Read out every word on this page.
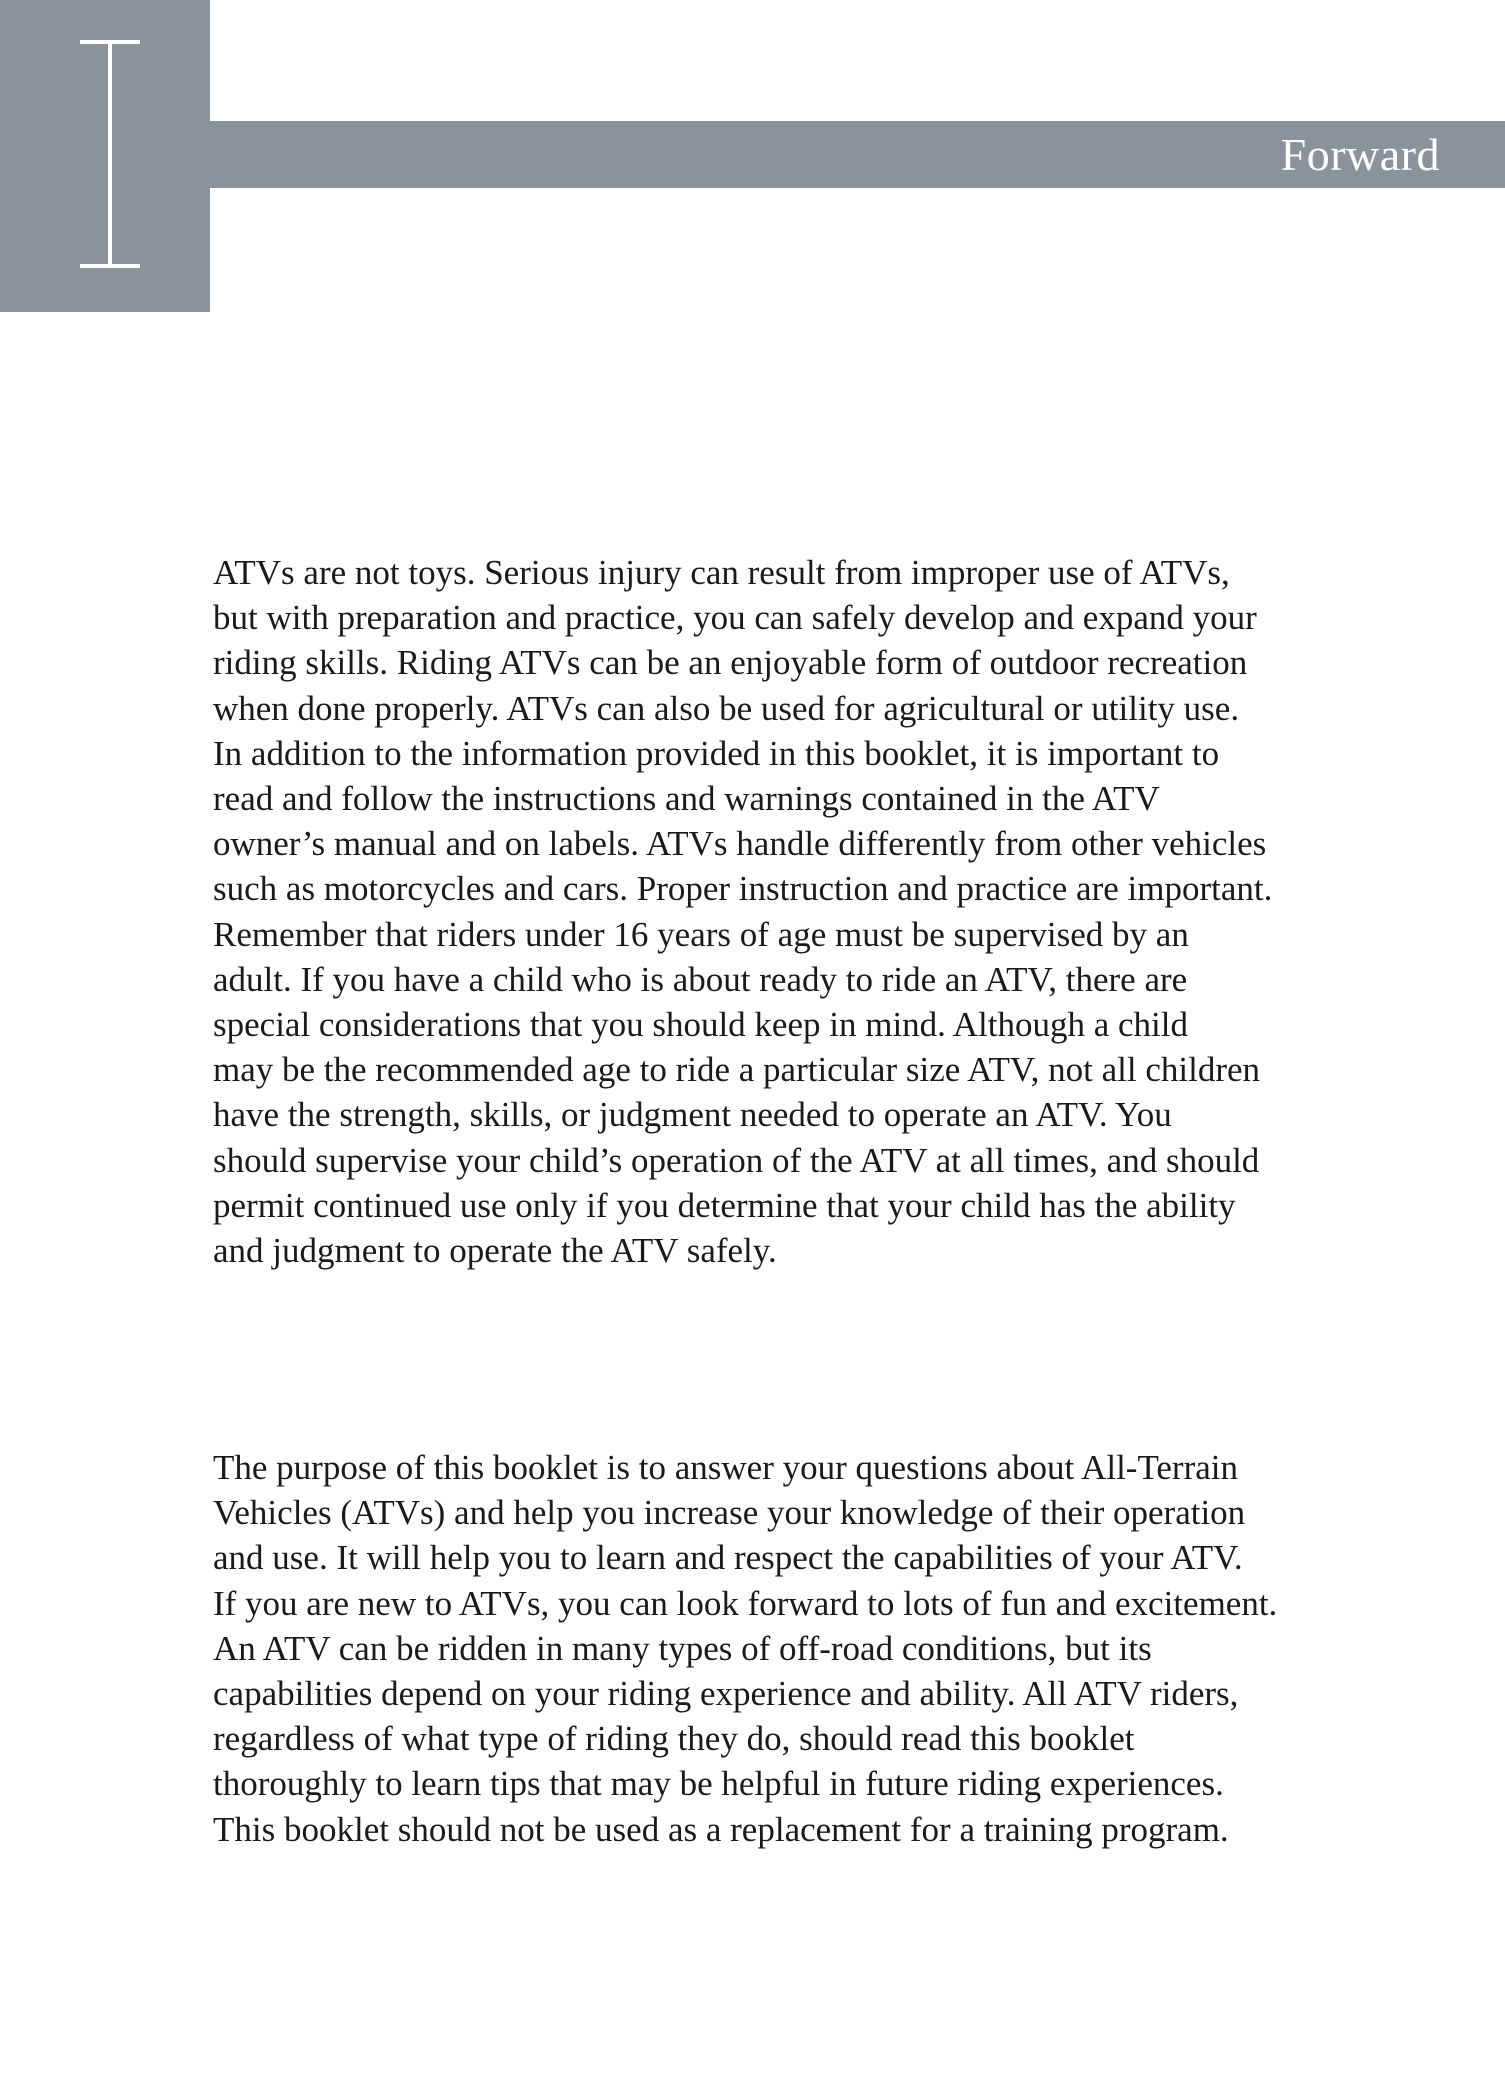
Forward

ATVs are not toys. Serious injury can result from improper use of ATVs,
but with preparation and practice, you can safely develop and expand your
riding skills. Riding ATVs can be an enjoyable form of outdoor recreation
when done properly. ATVs can also be used for agricultural or utility use.
In addition to the information provided in this booklet, it is important to
read and follow the instructions and warnings contained in the ATV
owner’s manual and on labels. ATVs handle differently from other vehicles
such as motorcycles and cars. Proper instruction and practice are important.
Remember that riders under 16 years of age must be supervised by an
adult. If you have a child who is about ready to ride an ATV, there are
special considerations that you should keep in mind. Although a child
may be the recommended age to ride a particular size ATV, not all children
have the strength, skills, or judgment needed to operate an ATV. You
should supervise your child’s operation of the ATV at all times, and should
permit continued use only if you determine that your child has the ability
and judgment to operate the ATV safely.

The purpose of this booklet is to answer your questions about All-Terrain
Vehicles (ATVs) and help you increase your knowledge of their operation
and use. It will help you to learn and respect the capabilities of your ATV.
If you are new to ATVs, you can look forward to lots of fun and excitement.
An ATV can be ridden in many types of off-road conditions, but its
capabilities depend on your riding experience and ability. All ATV riders,
regardless of what type of riding they do, should read this booklet
thoroughly to learn tips that may be helpful in future riding experiences.
This booklet should not be used as a replacement for a training program.
